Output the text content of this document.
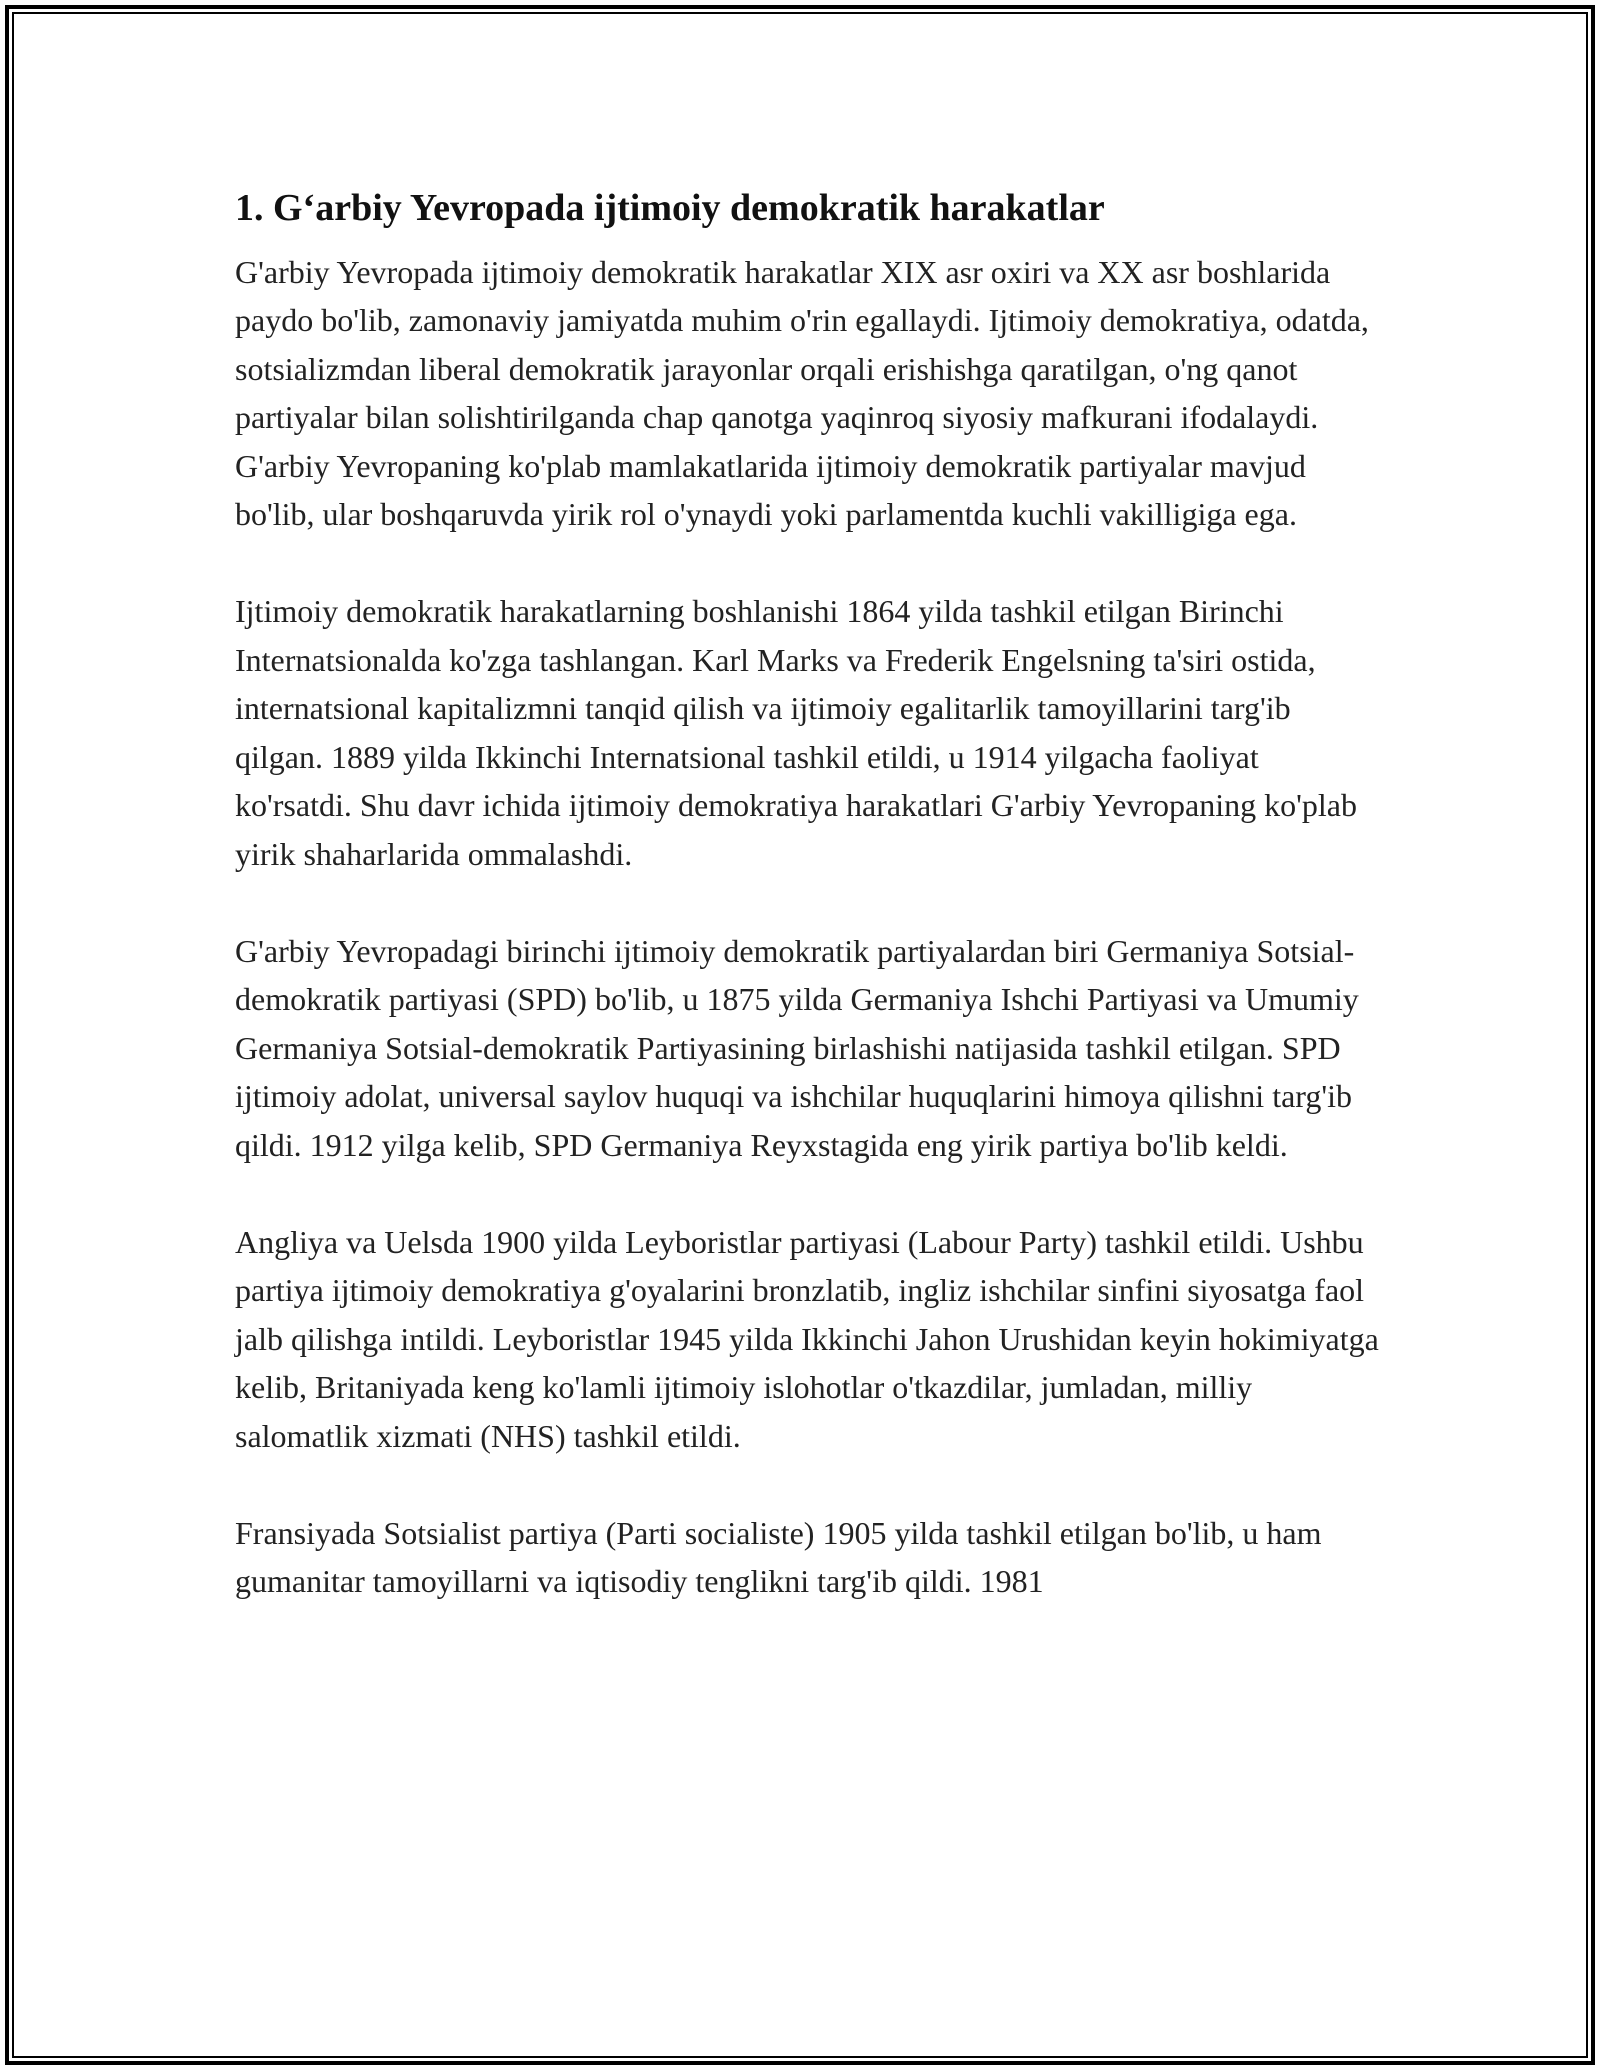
1. G‘arbiy Yevropada ijtimoiy demokratik harakatlar

G'arbiy Yevropada ijtimoiy demokratik harakatlar XIX asr oxiri va XX asr boshlarida paydo bo'lib, zamonaviy jamiyatda muhim o'rin egallaydi. Ijtimoiy demokratiya, odatda, sotsializmdan liberal demokratik jarayonlar orqali erishishga qaratilgan, o'ng qanot partiyalar bilan solishtirilganda chap qanotga yaqinroq siyosiy mafkurani ifodalaydi. G'arbiy Yevropaning ko'plab mamlakatlarida ijtimoiy demokratik partiyalar mavjud bo'lib, ular boshqaruvda yirik rol o'ynaydi yoki parlamentda kuchli vakilligiga ega.

Ijtimoiy demokratik harakatlarning boshlanishi 1864 yilda tashkil etilgan Birinchi Internatsionalda ko'zga tashlangan. Karl Marks va Frederik Engelsning ta'siri ostida, internatsional kapitalizmni tanqid qilish va ijtimoiy egalitarlik tamoyillarini targ'ib qilgan. 1889 yilda Ikkinchi Internatsional tashkil etildi, u 1914 yilgacha faoliyat ko'rsatdi. Shu davr ichida ijtimoiy demokratiya harakatlari G'arbiy Yevropaning ko'plab yirik shaharlarida ommalashdi.

G'arbiy Yevropadagi birinchi ijtimoiy demokratik partiyalardan biri Germaniya Sotsial-demokratik partiyasi (SPD) bo'lib, u 1875 yilda Germaniya Ishchi Partiyasi va Umumiy Germaniya Sotsial-demokratik Partiyasining birlashishi natijasida tashkil etilgan. SPD ijtimoiy adolat, universal saylov huquqi va ishchilar huquqlarini himoya qilishni targ'ib qildi. 1912 yilga kelib, SPD Germaniya Reyxstagida eng yirik partiya bo'lib keldi.

Angliya va Uelsda 1900 yilda Leyboristlar partiyasi (Labour Party) tashkil etildi. Ushbu partiya ijtimoiy demokratiya g'oyalarini bronzlatib, ingliz ishchilar sinfini siyosatga faol jalb qilishga intildi. Leyboristlar 1945 yilda Ikkinchi Jahon Urushidan keyin hokimiyatga kelib, Britaniyada keng ko'lamli ijtimoiy islohotlar o'tkazdilar, jumladan, milliy salomatlik xizmati (NHS) tashkil etildi.

Fransiyada Sotsialist partiya (Parti socialiste) 1905 yilda tashkil etilgan bo'lib, u ham gumanitar tamoyillarni va iqtisodiy tenglikni targ'ib qildi. 1981
